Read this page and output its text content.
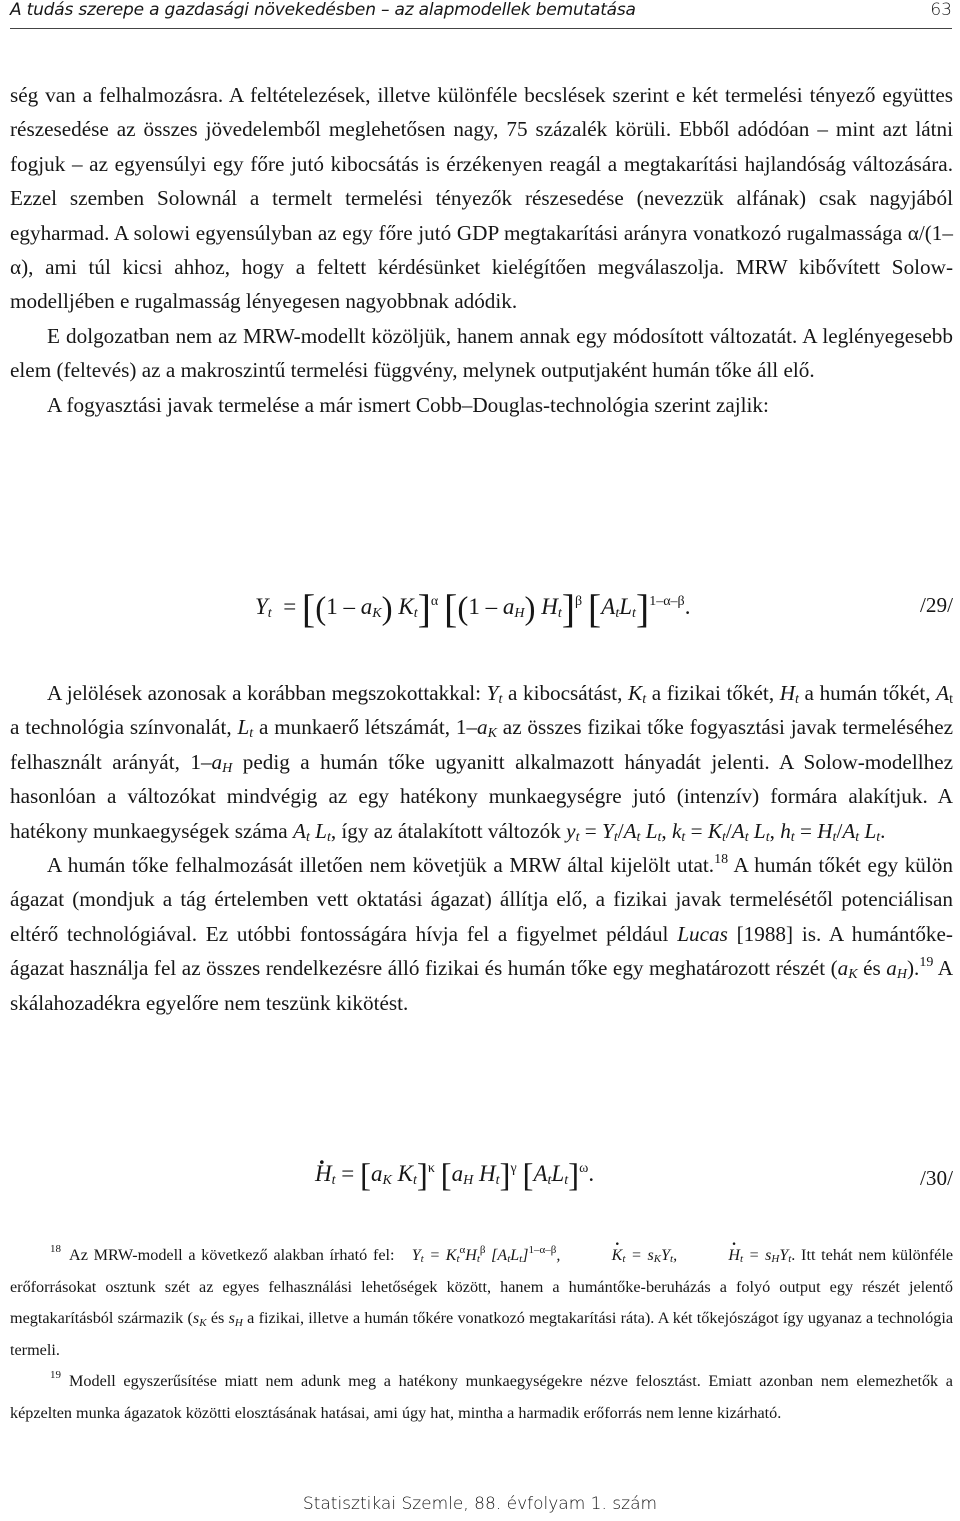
A tudás szerepe a gazdasági növekedésben – az alapmodellek bemutatása	63

ség van a felhalmozásra. A feltételezések, illetve különféle becslések szerint e két termelési tényező együttes részesedése az összes jövedelemből meglehetősen nagy, 75 százalék körüli. Ebből adódóan – mint azt látni fogjuk – az egyensúlyi egy főre jutó kibocsátás is érzékenyen reagál a megtakarítási hajlandóság változására. Ezzel szemben Solownál a termelt termelési tényezők részesedése (nevezzük alfának) csak nagyjából egyharmad. A solowi egyensúlyban az egy főre jutó GDP megtakarítási arányra vonatkozó rugalmassága α/(1–α), ami túl kicsi ahhoz, hogy a feltett kérdésünket kielégítően megválaszolja. MRW kibővített Solow-modelljében e rugalmasság lényegesen nagyobbnak adódik.

E dolgozatban nem az MRW-modellt közöljük, hanem annak egy módosított változatát. A leglényegesebb elem (feltevés) az a makroszintű termelési függvény, melynek outputjaként humán tőke áll elő.

A fogyasztási javak termelése a már ismert Cobb–Douglas-technológia szerint zajlik:

$Y_t = [(1 - a_K)$ $K_t]^\alpha$ [$(1 - a_H)$ $H_t]^\beta$ $[A_tL_t]^{1-\alpha-\beta}$.	/29/

A jelölések azonosak a korábban megszokottakkal: $Y_t$ a kibocsátást, $K_t$ a fizikai tőkét, $H_t$ a humán tőkét, $A_t$ a technológia színvonalát, $L_t$ a munkaerő létszámát, $1-a_K$ az összes fizikai tőke fogyasztási javak termeléséhez felhasznált arányát, $1-a_H$ pedig a humán tőke ugyanitt alkalmazott hányadát jelenti. A Solow-modellhez hasonlóan a változókat mindvégig az egy hatékony munkaegységre jutó (intenzív) formára alakítjuk. A hatékony munkaegységek száma $A_t$ $L_t$, így az átalakított változók $y_t = Y_t/A_t$ $L_t$, $k_t = K_t/A_t$ $L_t$, $h_t = H_t/A_t$ $L_t$.

A humán tőke felhalmozását illetően nem követjük a MRW által kijelölt utat.$^{18}$ A humán tőkét egy külön ágazat (mondjuk a tág értelemben vett oktatási ágazat) állítja elő, a fizikai javak termelésétől potenciálisan eltérő technológiával. Ez utóbbi fontosságára hívja fel a figyelmet például Lucas [1988] is. A humántőke-ágazat használja fel az összes rendelkezésre álló fizikai és humán tőke egy meghatározott részét ($a_K$ és $a_H).^{19}$ A skálahozadékra egyelőre nem teszünk kikötést.

· $H_t = [a_K$ $K_t]^\kappa$ [$a_H$ $H_t]^\gamma$ $[A_tL_t]^\omega$.	/30/

$^{18}$ Az MRW-modell a következő alakban írható fel: $Yt = Kt^\alpha Ht^\beta$ [AtLt]$^{1-\alpha-\beta}$,	· Kt = sKYt,	· Ht = sHYt. Itt tehát nem különféle erőforrásokat osztunk szét az egyes felhasználási lehetőségek között, hanem a humántőke-beruházás a folyó output egy részét jelentő megtakarításból származik ($s_K$ és $s_H$ a fizikai, illetve a humán tőkére vonatkozó megtakarítási ráta). A két tőkejószágot így ugyanaz a technológia termeli.

$^{19}$ Modell egyszerűsítése miatt nem adunk meg a hatékony munkaegységekre nézve felosztást. Emiatt azonban nem elemezhetők a képzelten munka ágazatok közötti elosztásának hatásai, ami úgy hat, mintha a harmadik erőforrás nem lenne kizárható.

Statisztikai Szemle, 88. évfolyam 1. szám
